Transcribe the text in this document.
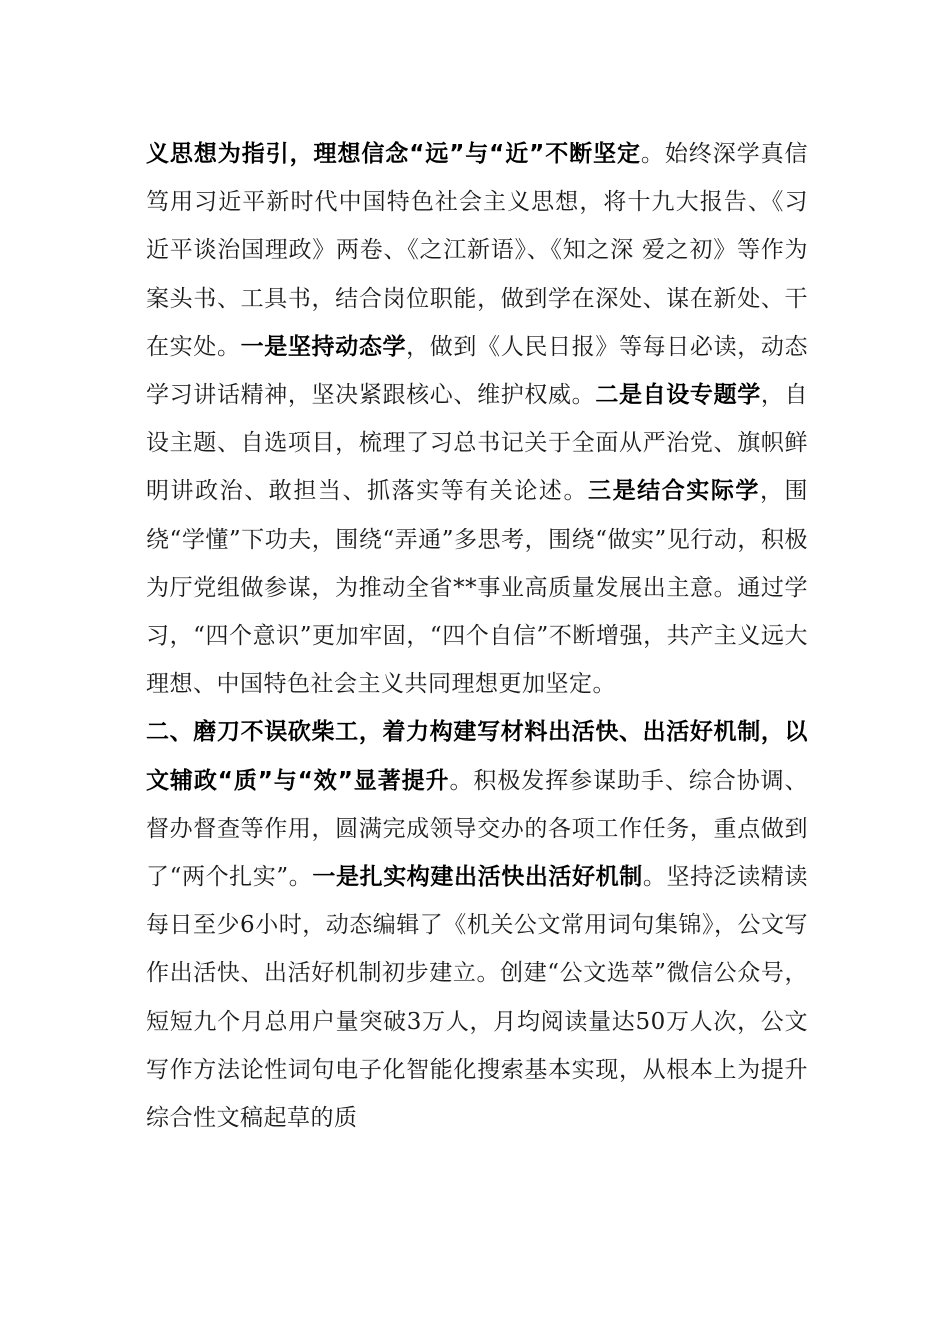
义思想为指引，理想信念“远”与“近”不断坚定。始终深学真信笃用习近平新时代中国特色社会主义思想，将十九大报告、《习近平谈治国理政》两卷、《之江新语》、《知之深 爱之初》等作为案头书、工具书，结合岗位职能，做到学在深处、谋在新处、干在实处。一是坚持动态学，做到《人民日报》等每日必读，动态学习讲话精神，坚决紧跟核心、维护权威。二是自设专题学，自设主题、自选项目，梳理了习总书记关于全面从严治党、旗帜鲜明讲政治、敢担当、抓落实等有关论述。三是结合实际学，围绕“学懂”下功夫，围绕“弄通”多思考，围绕“做实”见行动，积极为厅党组做参谋，为推动全省**事业高质量发展出主意。通过学习，“四个意识”更加牢固，“四个自信”不断增强，共产主义远大理想、中国特色社会主义共同理想更加坚定。

二、磨刀不误砍柴工，着力构建写材料出活快、出活好机制，以文辅政“质”与“效”显著提升。积极发挥参谋助手、综合协调、督办督查等作用，圆满完成领导交办的各项工作任务，重点做到了“两个扎实”。一是扎实构建出活快出活好机制。坚持泛读精读每日至少6小时，动态编辑了《机关公文常用词句集锦》，公文写作出活快、出活好机制初步建立。创建“公文选萃”微信公众号，短短九个月总用户量突破3万人，月均阅读量达50万人次，公文写作方法论性词句电子化智能化搜索基本实现，从根本上为提升综合性文稿起草的质
